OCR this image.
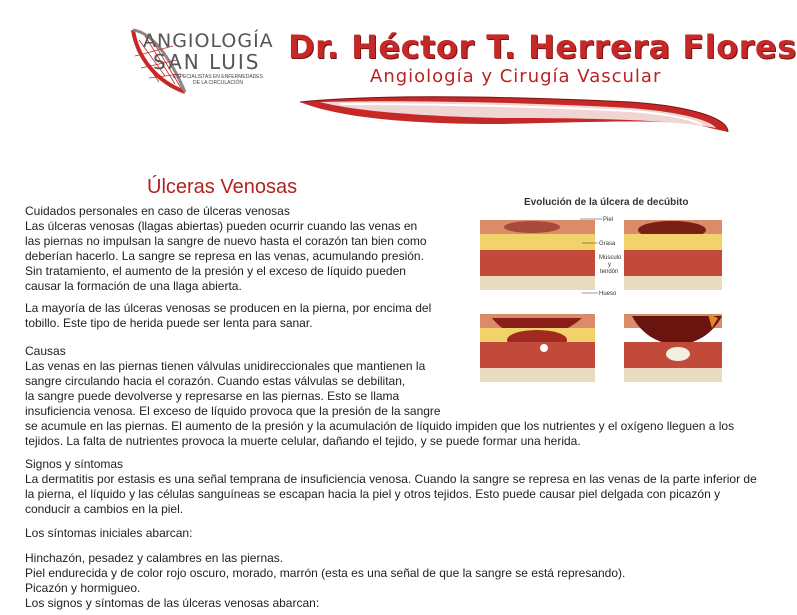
ANGIOLOGÍA
SAN LUIS
ESPECIALISTAS EN ENFERMEDADES
DE LA CIRCULACIÓN
Dr. Héctor T. Herrera Flores
Angiología y Cirugía Vascular
Úlceras Venosas
Evolución de la úlcera de decúbito
Piel
Grasa
Músculo
y
tendón
Hueso
Cuidados personales en caso de úlceras venosas
Las úlceras venosas (llagas abiertas) pueden ocurrir cuando las venas en
las piernas no impulsan la sangre de nuevo hasta el corazón tan bien como
deberían hacerlo. La sangre se represa en las venas, acumulando presión.
Sin tratamiento, el aumento de la presión y el exceso de líquido pueden
causar la formación de una llaga abierta.
La mayoría de las úlceras venosas se producen en la pierna, por encima del
tobillo. Este tipo de herida puede ser lenta para sanar.
Causas
Las venas en las piernas tienen válvulas unidireccionales que mantienen la
sangre circulando hacia el corazón. Cuando estas válvulas se debilitan,
la sangre puede devolverse y represarse en las piernas. Esto se llama
insuficiencia venosa. El exceso de líquido provoca que la presión de la sangre
se acumule en las piernas. El aumento de la presión y la acumulación de líquido impiden que los nutrientes y el oxígeno lleguen a los
tejidos. La falta de nutrientes provoca la muerte celular, dañando el tejido, y se puede formar una herida.
Signos y síntomas
La dermatitis por estasis es una señal temprana de insuficiencia venosa. Cuando la sangre se represa en las venas de la parte inferior de
la pierna, el líquido y las células sanguíneas se escapan hacia la piel y otros tejidos. Esto puede causar piel delgada con picazón y
conducir a cambios en la piel.
Los síntomas iniciales abarcan:
Hinchazón, pesadez y calambres en las piernas.
Piel endurecida y de color rojo oscuro, morado, marrón (esta es una señal de que la sangre se está represando).
Picazón y hormigueo.
Los signos y síntomas de las úlceras venosas abarcan:
